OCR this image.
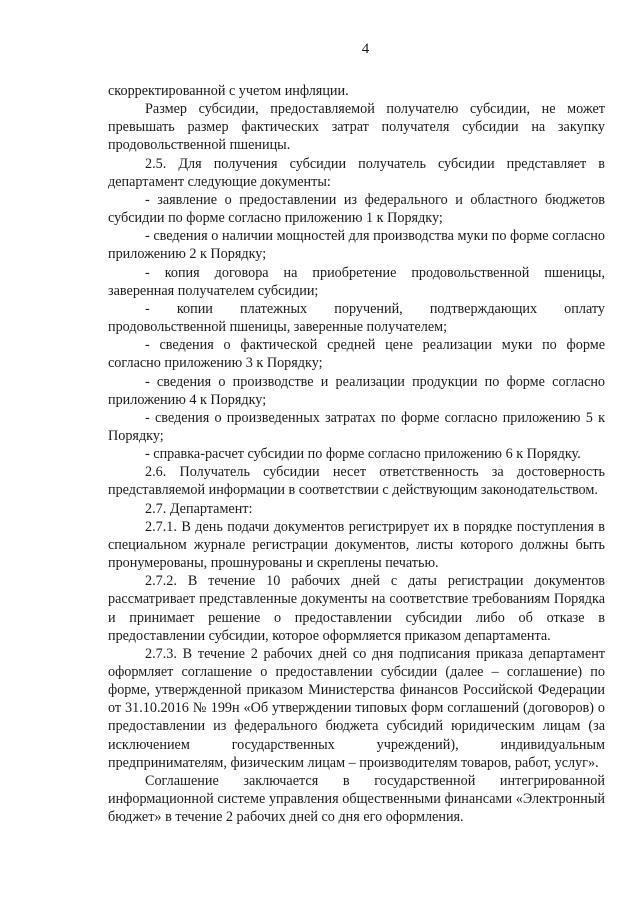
4

скорректированной с учетом инфляции.

Размер субсидии, предоставляемой получателю субсидии, не может превышать размер фактических затрат получателя субсидии на закупку продовольственной пшеницы.

2.5. Для получения субсидии получатель субсидии представляет в департамент следующие документы:

- заявление о предоставлении из федерального и областного бюджетов субсидии по форме согласно приложению 1 к Порядку;

- сведения о наличии мощностей для производства муки по форме согласно приложению 2 к Порядку;

- копия договора на приобретение продовольственной пшеницы, заверенная получателем субсидии;

- копии платежных поручений, подтверждающих оплату продовольственной пшеницы, заверенные получателем;

- сведения о фактической средней цене реализации муки по форме согласно приложению 3 к Порядку;

- сведения о производстве и реализации продукции по форме согласно приложению 4 к Порядку;

- сведения о произведенных затратах по форме согласно приложению 5 к Порядку;

- справка-расчет субсидии по форме согласно приложению 6 к Порядку.

2.6. Получатель субсидии несет ответственность за достоверность представляемой информации в соответствии с действующим законодательством.

2.7. Департамент:

2.7.1. В день подачи документов регистрирует их в порядке поступления в специальном журнале регистрации документов, листы которого должны быть пронумерованы, прошнурованы и скреплены печатью.

2.7.2. В течение 10 рабочих дней с даты регистрации документов рассматривает представленные документы на соответствие требованиям Порядка и принимает решение о предоставлении субсидии либо об отказе в предоставлении субсидии, которое оформляется приказом департамента.

2.7.3. В течение 2 рабочих дней со дня подписания приказа департамент оформляет соглашение о предоставлении субсидии (далее – соглашение) по форме, утвержденной приказом Министерства финансов Российской Федерации от 31.10.2016 № 199н «Об утверждении типовых форм соглашений (договоров) о предоставлении из федерального бюджета субсидий юридическим лицам (за исключением государственных учреждений), индивидуальным предпринимателям, физическим лицам – производителям товаров, работ, услуг».

Соглашение заключается в государственной интегрированной информационной системе управления общественными финансами «Электронный бюджет» в течение 2 рабочих дней со дня его оформления.
